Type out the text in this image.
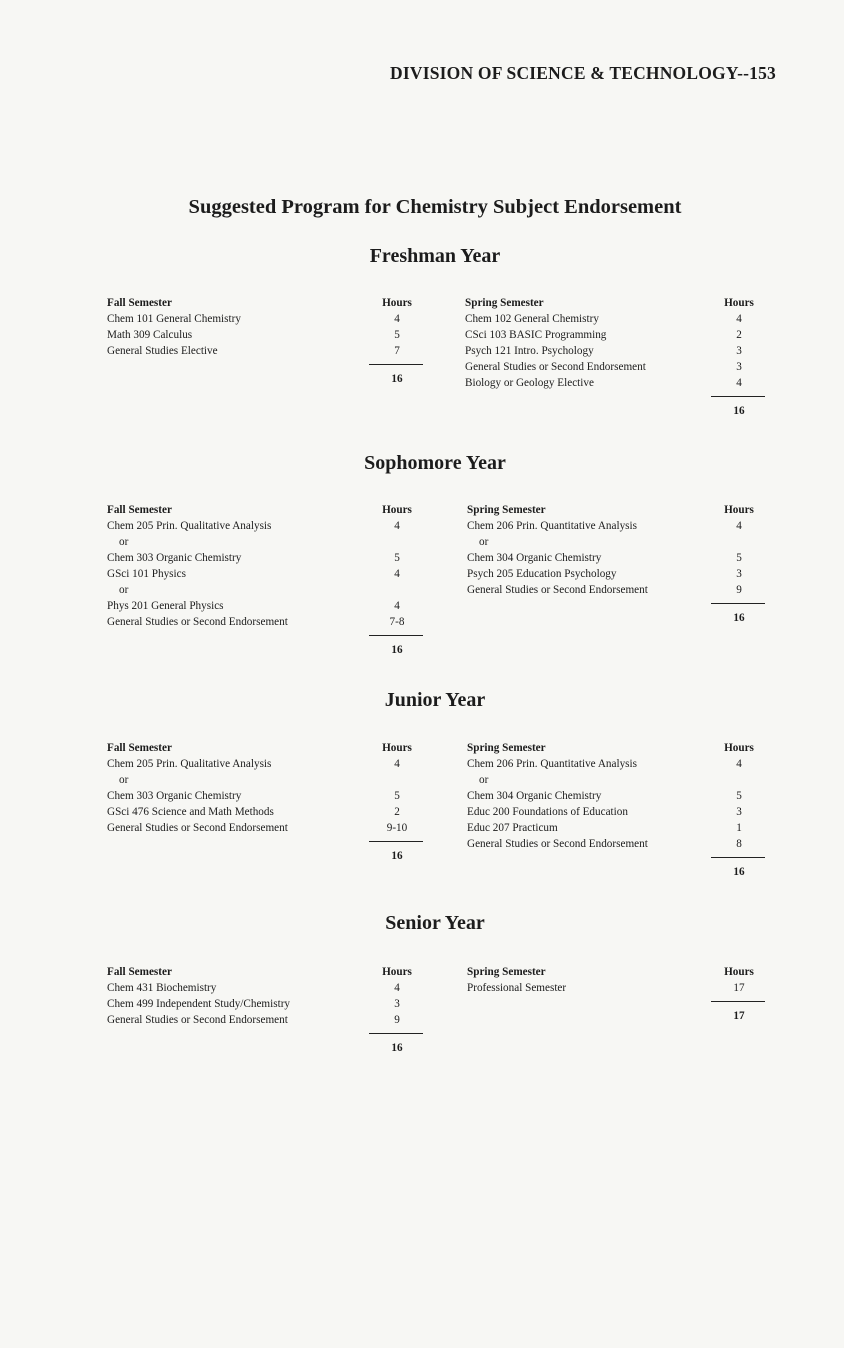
DIVISION OF SCIENCE & TECHNOLOGY--153
Suggested Program for Chemistry Subject Endorsement
Freshman Year
Fall Semester	Hours
Chem 101 General Chemistry	4
Math 309 Calculus	5
General Studies Elective	7
16
Spring Semester	Hours
Chem 102 General Chemistry	4
CSci 103 BASIC Programming	2
Psych 121 Intro. Psychology	3
General Studies or Second Endorsement	3
Biology or Geology Elective	4
16
Sophomore Year
Fall Semester	Hours
Chem 205 Prin. Qualitative Analysis	4
or
Chem 303 Organic Chemistry	5
GSci 101 Physics	4
or
Phys 201 General Physics	4
General Studies or Second Endorsement	7-8
16
Spring Semester	Hours
Chem 206 Prin. Quantitative Analysis	4
or
Chem 304 Organic Chemistry	5
Psych 205 Education Psychology	3
General Studies or Second Endorsement	9
16
Junior Year
Fall Semester	Hours
Chem 205 Prin. Qualitative Analysis	4
or
Chem 303 Organic Chemistry	5
GSci 476 Science and Math Methods	2
General Studies or Second Endorsement	9-10
16
Spring Semester	Hours
Chem 206 Prin. Quantitative Analysis	4
or
Chem 304 Organic Chemistry	5
Educ 200 Foundations of Education	3
Educ 207 Practicum	1
General Studies or Second Endorsement	8
16
Senior Year
Fall Semester	Hours
Chem 431 Biochemistry	4
Chem 499 Independent Study/Chemistry	3
General Studies or Second Endorsement	9
16
Spring Semester	Hours
Professional Semester	17
17
